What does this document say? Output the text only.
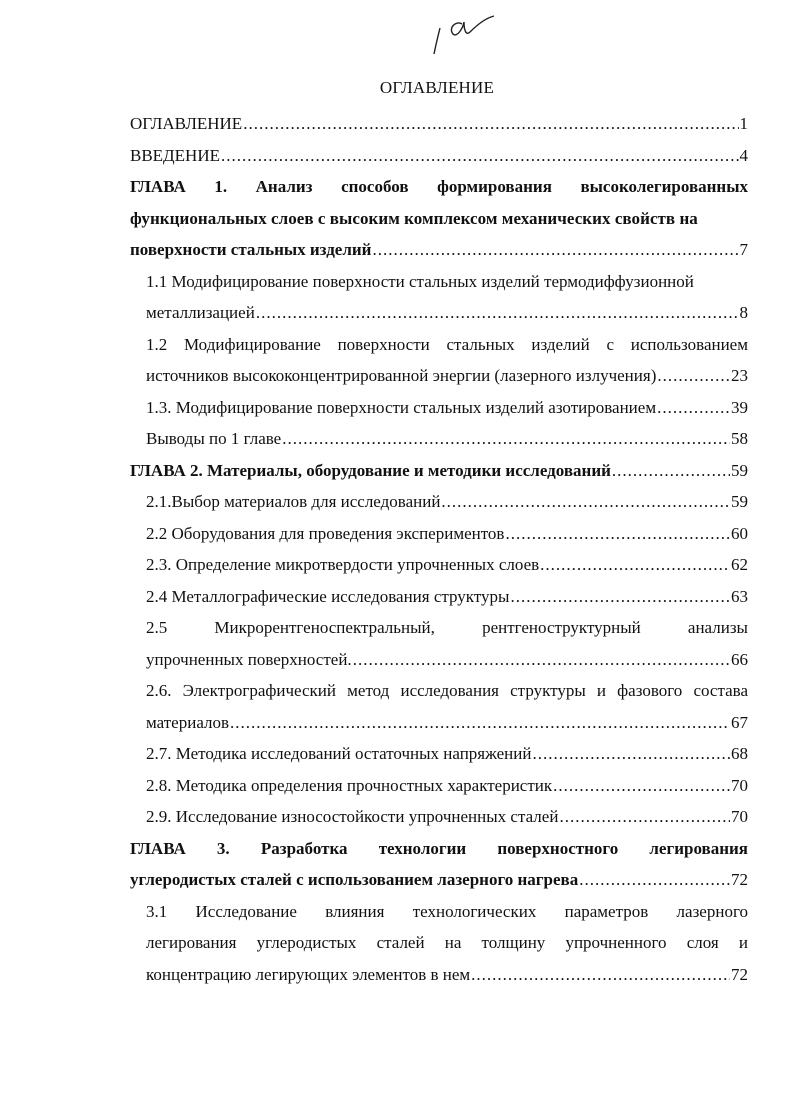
ОГЛАВЛЕНИЕ
ОГЛАВЛЕНИЕ .....	1
ВВЕДЕНИЕ .....	4
ГЛАВА 1. Анализ способов формирования высоколегированных
функциональных слоев с высоким комплексом механических свойств на
поверхности стальных изделий .....	7
1.1 Модифицирование поверхности стальных изделий термодиффузионной
металлизацией .....	8
1.2 Модифицирование поверхности стальных изделий с использованием
источников высококонцентрированной энергии (лазерного излучения) .....	23
1.3. Модифицирование поверхности стальных изделий азотированием .....	39
Выводы по 1 главе .....	58
ГЛАВА 2. Материалы, оборудование и методики исследований .....	59
2.1.Выбор материалов для исследований .....	59
2.2 Оборудования для проведения экспериментов .....	60
2.3. Определение микротвердости упрочненных слоев .....	62
2.4 Металлографические исследования структуры .....	63
2.5	Микрорентгеноспектральный,	рентгеноструктурный	анализы
упрочненных поверхностей. .....	66
2.6. Электрографический метод исследования структуры и фазового состава
материалов .....	67
2.7. Методика исследований остаточных напряжений .....	68
2.8. Методика определения прочностных характеристик .....	70
2.9. Исследование износостойкости упрочненных сталей .....	70
ГЛАВА 3. Разработка технологии поверхностного легирования
углеродистых сталей с использованием лазерного нагрева .....	72
3.1 Исследование влияния технологических параметров лазерного
легирования углеродистых сталей на толщину упрочненного слоя и
концентрацию легирующих элементов в нем .....	72
